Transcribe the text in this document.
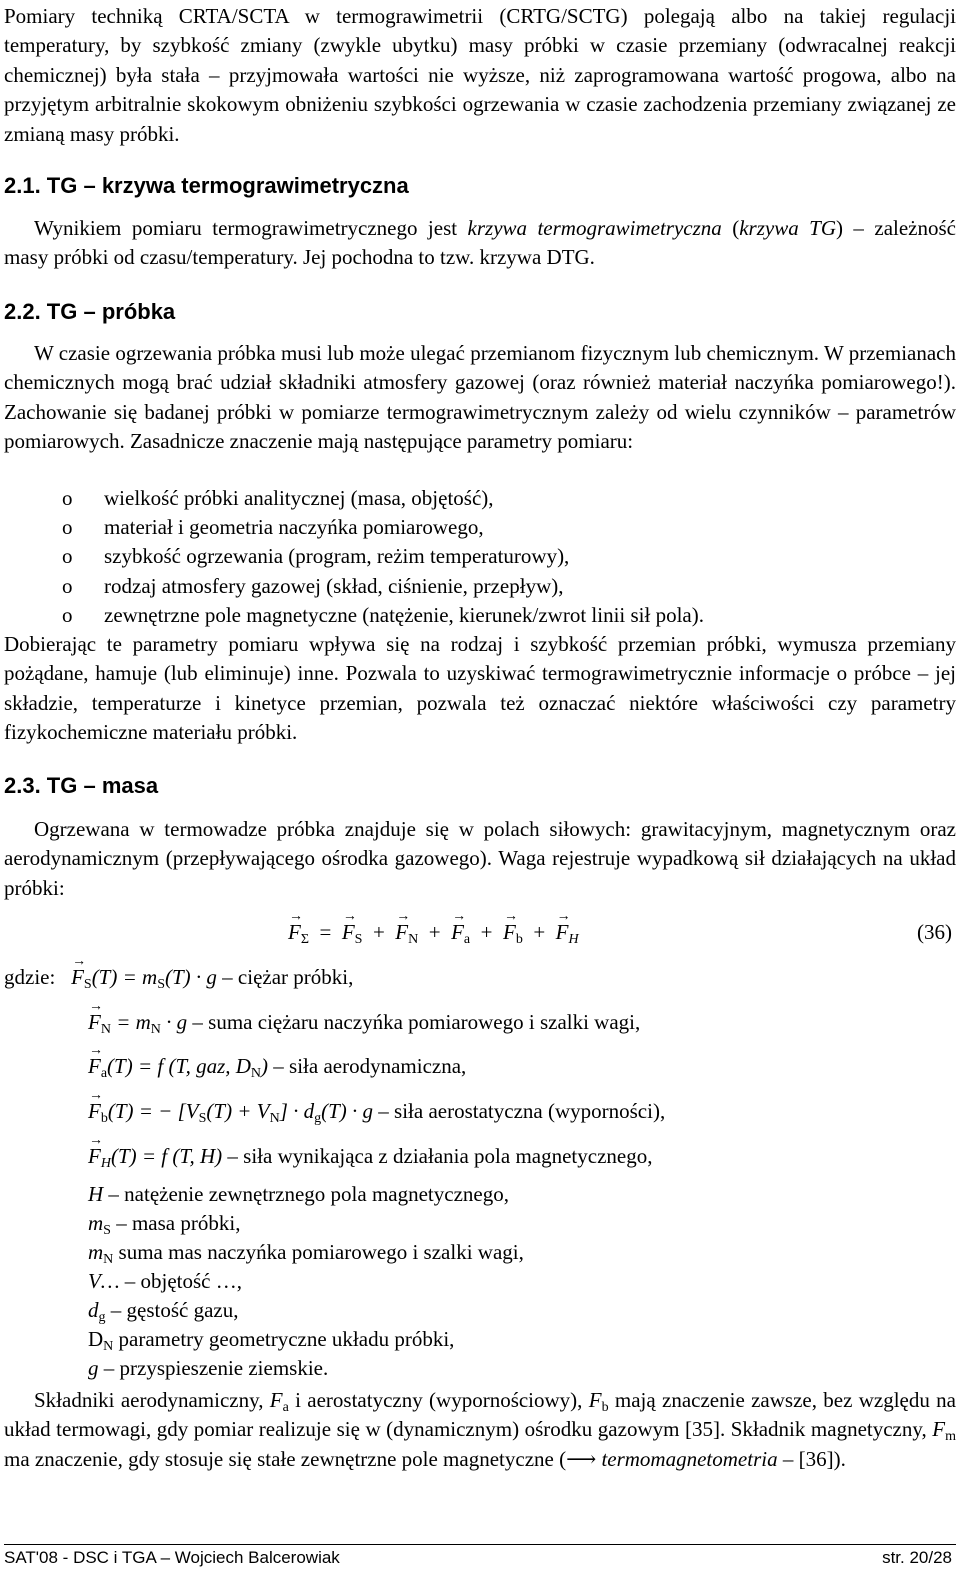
Pomiary techniką CRTA/SCTA w termograwimetrii (CRTG/SCTG) polegają albo na takiej regulacji temperatury, by szybkość zmiany (zwykle ubytku) masy próbki w czasie przemiany (odwracalnej reakcji chemicznej) była stała – przyjmowała wartości nie wyższe, niż zaprogramowana wartość progowa, albo na przyjętym arbitralnie skokowym obniżeniu szybkości ogrzewania w czasie zachodzenia przemiany związanej ze zmianą masy próbki.

2.1. TG – krzywa termograwimetryczna

Wynikiem pomiaru termograwimetrycznego jest krzywa termograwimetryczna (krzywa TG) – zależność masy próbki od czasu/temperatury. Jej pochodna to tzw. krzywa DTG.

2.2. TG – próbka

W czasie ogrzewania próbka musi lub może ulegać przemianom fizycznym lub chemicznym. W przemianach chemicznych mogą brać udział składniki atmosfery gazowej (oraz również materiał naczyńka pomiarowego!). Zachowanie się badanej próbki w pomiarze termograwimetrycznym zależy od wielu czynników – parametrów pomiarowych. Zasadnicze znaczenie mają następujące parametry pomiaru:

o wielkość próbki analitycznej (masa, objętość),
o materiał i geometria naczyńka pomiarowego,
o szybkość ogrzewania (program, reżim temperaturowy),
o rodzaj atmosfery gazowej (skład, ciśnienie, przepływ),
o zewnętrzne pole magnetyczne (natężenie, kierunek/zwrot linii sił pola).

Dobierając te parametry pomiaru wpływa się na rodzaj i szybkość przemian próbki, wymusza przemiany pożądane, hamuje (lub eliminuje) inne. Pozwala to uzyskiwać termograwimetrycznie informacje o próbce – jej składzie, temperaturze i kinetyce przemian, pozwala też oznaczać niektóre właściwości czy parametry fizykochemiczne materiału próbki.

2.3. TG – masa

Ogrzewana w termowadze próbka znajduje się w polach siłowych: grawitacyjnym, magnetycznym oraz aerodynamicznym (przepływającego ośrodka gazowego). Waga rejestruje wypadkową sił działających na układ próbki:

→ $F_\Sigma$  =  → $F_S$  +  → $F_N$  +  → $F_a$  +  → $F_b$  +  → $F_H$	(36)
gdzie:   → $F_S(T) = m_S(T) \cdot g$ – ciężar próbki,
→ $F_N = m_N \cdot g$ – suma ciężaru naczyńka pomiarowego i szalki wagi,
→ $F_a(T) = f$ (T, gaz, $D_N$) – siła aerodynamiczna,
→ $F_b(T)$ = − $[V_S(T) + V_N] \cdot d_g(T) \cdot g$ – siła aerostatyczna (wyporności),
→ $F_H(T) = f$ (T, H) – siła wynikająca z działania pola magnetycznego,
H – natężenie zewnętrznego pola magnetycznego,
$m_S$ – masa próbki,
$m_N$ suma mas naczyńka pomiarowego i szalki wagi,
V… – objętość …,
$d_g$ – gęstość gazu,
$D_N$ parametry geometryczne układu próbki,
g – przyspieszenie ziemskie.

Składniki aerodynamiczny, $F_a$ i aerostatyczny (wypornościowy), $F_b$ mają znaczenie zawsze, bez względu na układ termowagi, gdy pomiar realizuje się w (dynamicznym) ośrodku gazowym [35]. Składnik magnetyczny, $F_m$ ma znaczenie, gdy stosuje się stałe zewnętrzne pole magnetyczne (⟶ termomagnetometria – [36]).

SAT'08 - DSC i TGA – Wojciech Balcerowiak	str. 20/28
